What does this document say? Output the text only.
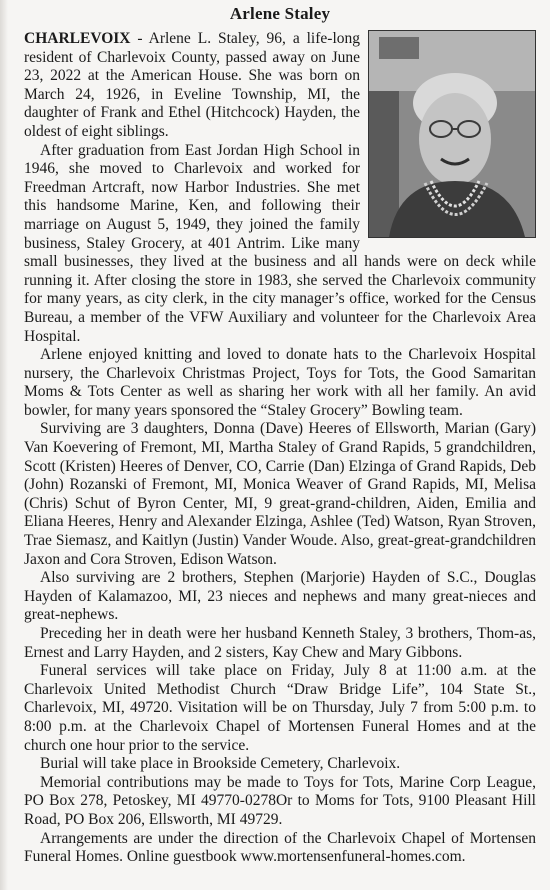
Arlene Staley

CHARLEVOIX - Arlene L. Staley, 96, a life-long resident of Charlevoix County, passed away on June 23, 2022 at the American House. She was born on March 24, 1926, in Eveline Township, MI, the daughter of Frank and Ethel (Hitchcock) Hayden, the oldest of eight siblings.

After graduation from East Jordan High School in 1946, she moved to Charlevoix and worked for Freedman Artcraft, now Harbor Industries. She met this handsome Marine, Ken, and following their marriage on August 5, 1949, they joined the family business, Staley Grocery, at 401 Antrim. Like many small businesses, they lived at the business and all hands were on deck while running it. After closing the store in 1983, she served the Charlevoix community for many years, as city clerk, in the city manager’s office, worked for the Census Bureau, a member of the VFW Auxiliary and volunteer for the Charlevoix Area Hospital.

Arlene enjoyed knitting and loved to donate hats to the Charlevoix Hospital nursery, the Charlevoix Christmas Project, Toys for Tots, the Good Samaritan Moms & Tots Center as well as sharing her work with all her family. An avid bowler, for many years sponsored the “Staley Grocery” Bowling team.

Surviving are 3 daughters, Donna (Dave) Heeres of Ellsworth, Marian (Gary) Van Koevering of Fremont, MI, Martha Staley of Grand Rapids, 5 grandchildren, Scott (Kristen) Heeres of Denver, CO, Carrie (Dan) Elzinga of Grand Rapids, Deb (John) Rozanski of Fremont, MI, Monica Weaver of Grand Rapids, MI, Melisa (Chris) Schut of Byron Center, MI, 9 great-grand-children, Aiden, Emilia and Eliana Heeres, Henry and Alexander Elzinga, Ashlee (Ted) Watson, Ryan Stroven, Trae Siemasz, and Kaitlyn (Justin) Vander Woude. Also, great-great-grandchildren Jaxon and Cora Stroven, Edison Watson.

Also surviving are 2 brothers, Stephen (Marjorie) Hayden of S.C., Douglas Hayden of Kalamazoo, MI, 23 nieces and nephews and many great-nieces and great-nephews.

Preceding her in death were her husband Kenneth Staley, 3 brothers, Thom-as, Ernest and Larry Hayden, and 2 sisters, Kay Chew and Mary Gibbons.

Funeral services will take place on Friday, July 8 at 11:00 a.m. at the Charlevoix United Methodist Church “Draw Bridge Life”, 104 State St., Charlevoix, MI, 49720. Visitation will be on Thursday, July 7 from 5:00 p.m. to 8:00 p.m. at the Charlevoix Chapel of Mortensen Funeral Homes and at the church one hour prior to the service.

Burial will take place in Brookside Cemetery, Charlevoix.

Memorial contributions may be made to Toys for Tots, Marine Corp League, PO Box 278, Petoskey, MI 49770-0278Or to Moms for Tots, 9100 Pleasant Hill Road, PO Box 206, Ellsworth, MI 49729.

Arrangements are under the direction of the Charlevoix Chapel of Mortensen Funeral Homes. Online guestbook www.mortensenfuneral-homes.com.
